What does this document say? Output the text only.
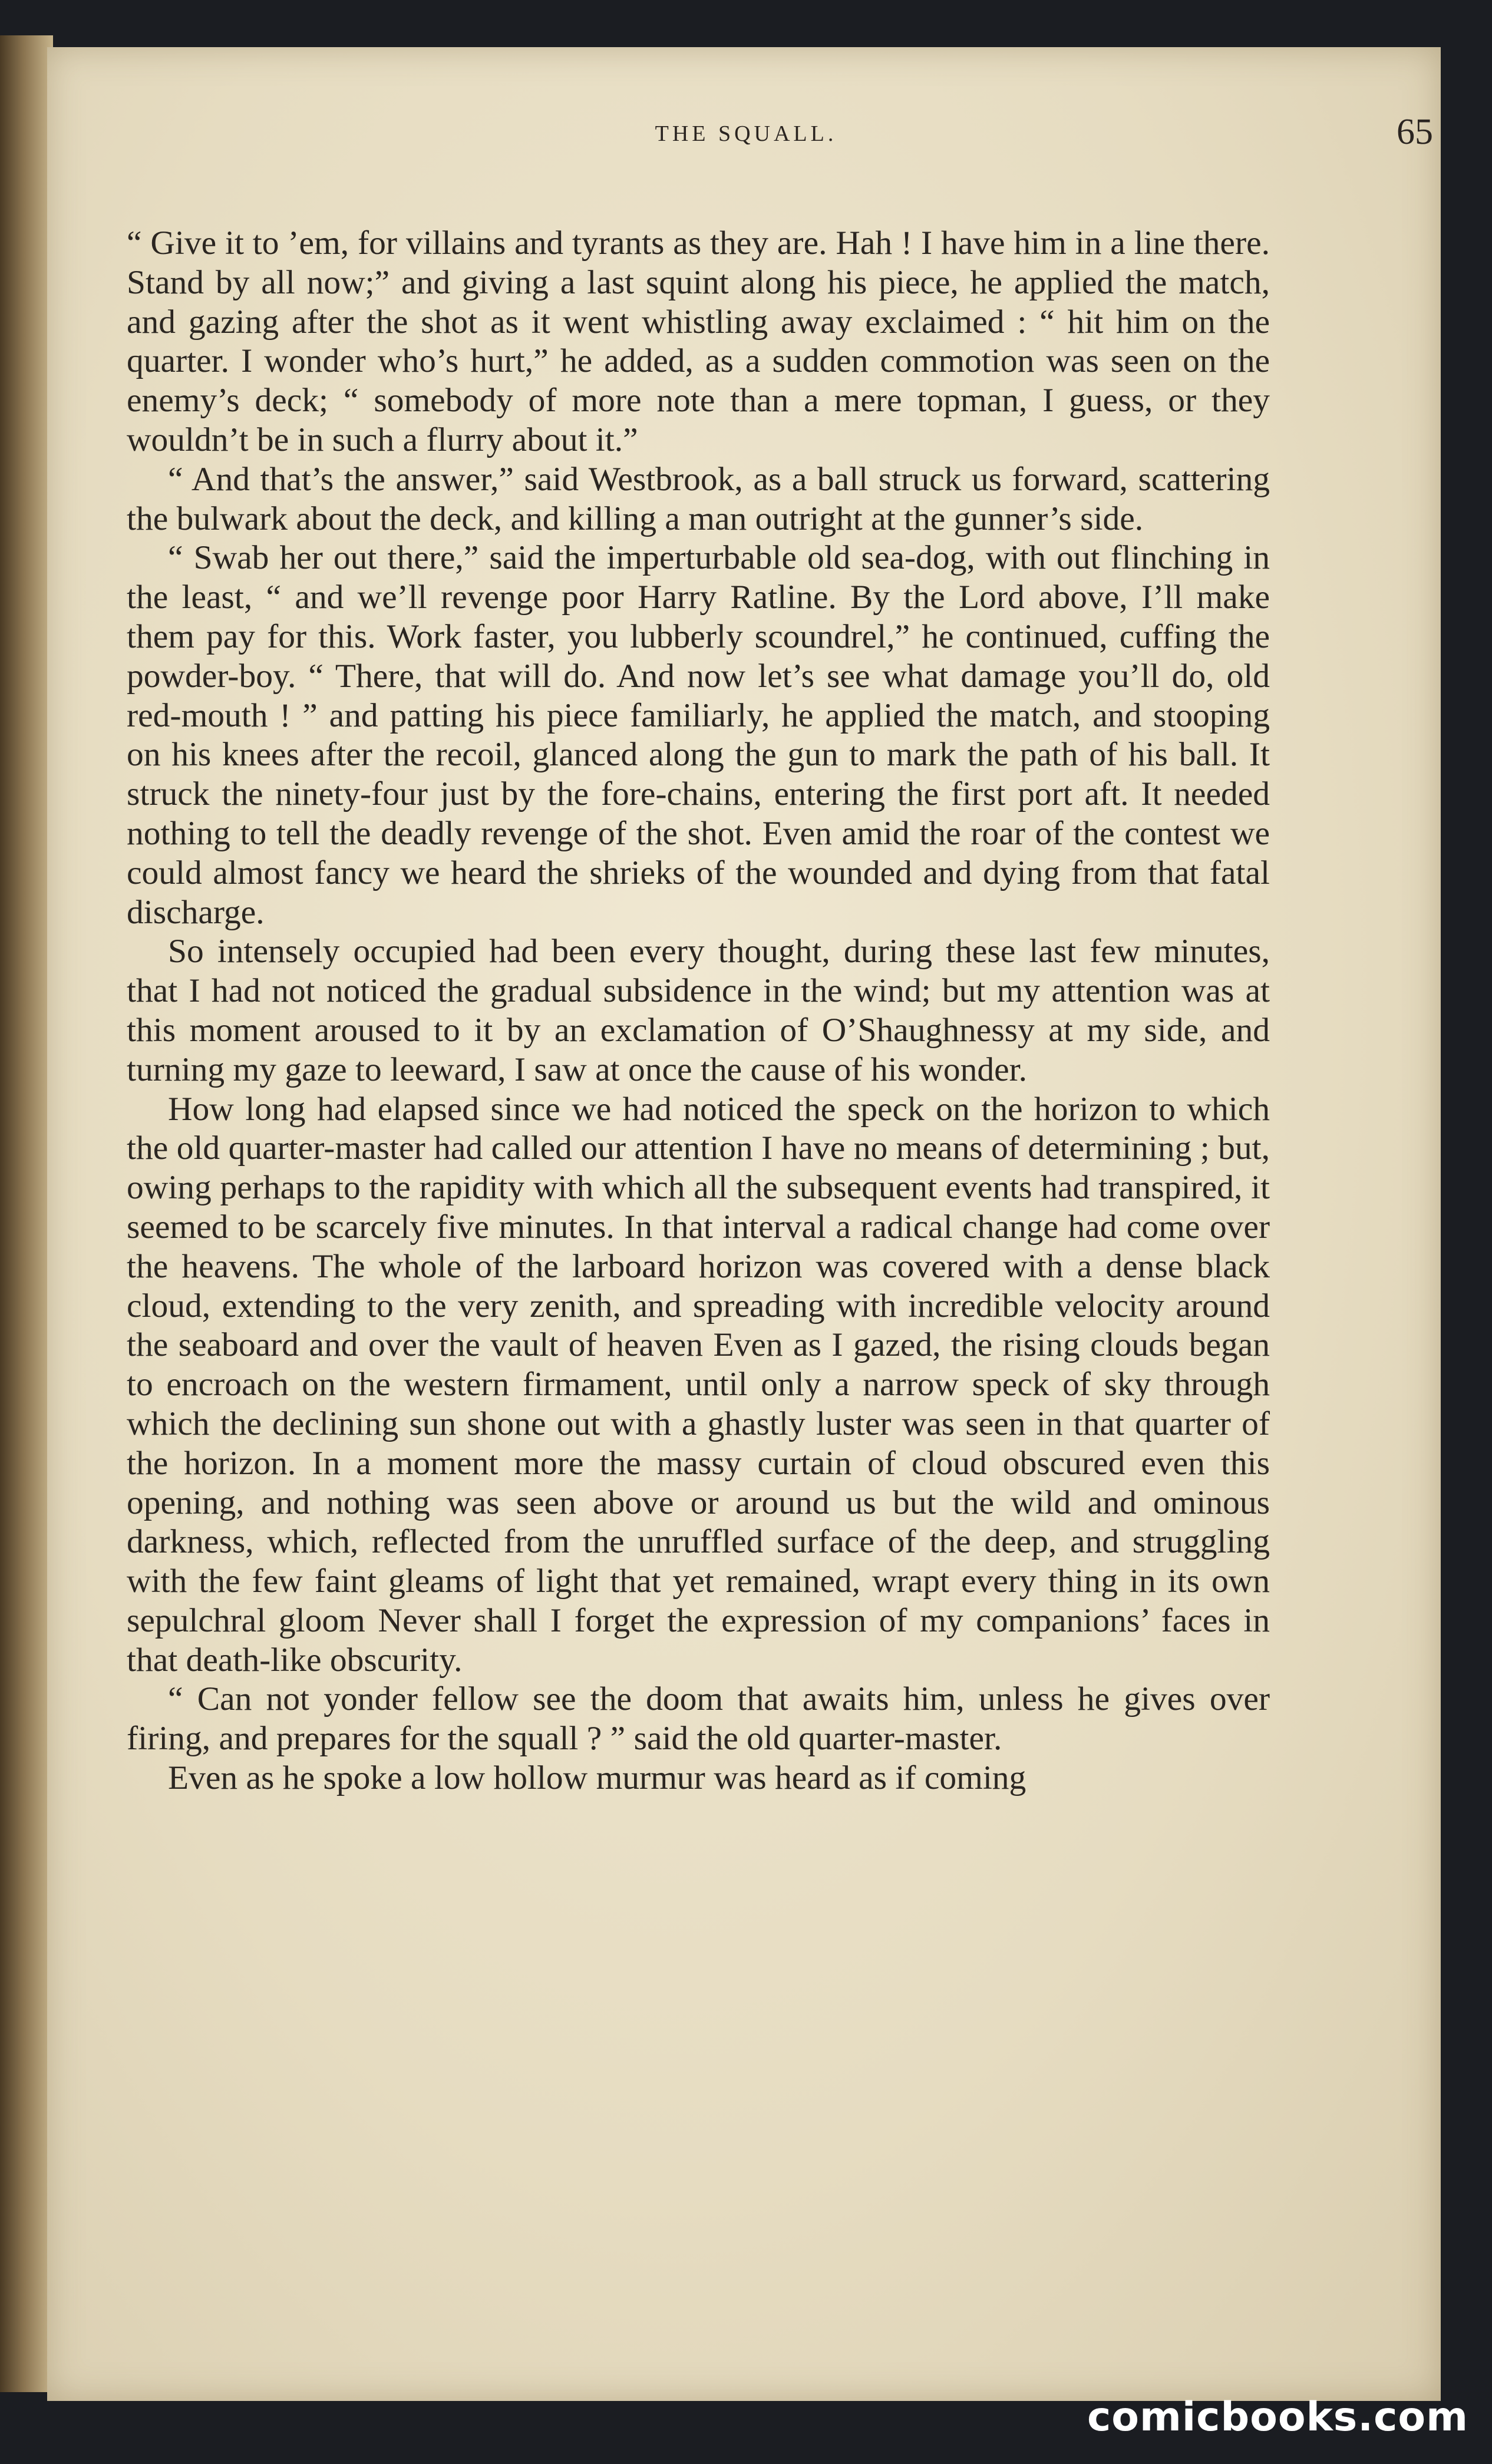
THE SQUALL.	65

“ Give it to ’em, for villains and tyrants as they are. Hah ! I have him in a line there. Stand by all now;” and giving a last squint along his piece, he applied the match, and gazing after the shot as it went whistling away exclaimed : “ hit him on the quarter. I wonder who’s hurt,” he added, as a sudden commotion was seen on the enemy’s deck; “ somebody of more note than a mere topman, I guess, or they wouldn’t be in such a flurry about it.”

“ And that’s the answer,” said Westbrook, as a ball struck us forward, scattering the bulwark about the deck, and killing a man outright at the gunner’s side.

“ Swab her out there,” said the imperturbable old sea-dog, with out flinching in the least, “ and we’ll revenge poor Harry Ratline. By the Lord above, I’ll make them pay for this. Work faster, you lubberly scoundrel,” he continued, cuffing the powder-boy. “ There, that will do. And now let’s see what damage you’ll do, old red-mouth ! ” and patting his piece familiarly, he applied the match, and stooping on his knees after the recoil, glanced along the gun to mark the path of his ball. It struck the ninety-four just by the fore-chains, entering the first port aft. It needed nothing to tell the deadly revenge of the shot. Even amid the roar of the contest we could almost fancy we heard the shrieks of the wounded and dying from that fatal discharge.

So intensely occupied had been every thought, during these last few minutes, that I had not noticed the gradual subsidence in the wind; but my attention was at this moment aroused to it by an exclamation of O’Shaughnessy at my side, and turning my gaze to leeward, I saw at once the cause of his wonder.

How long had elapsed since we had noticed the speck on the horizon to which the old quarter-master had called our attention I have no means of determining ; but, owing perhaps to the rapidity with which all the subsequent events had transpired, it seemed to be scarcely five minutes. In that interval a radical change had come over the heavens. The whole of the larboard horizon was covered with a dense black cloud, extending to the very zenith, and spreading with incredible velocity around the seaboard and over the vault of heaven Even as I gazed, the rising clouds began to encroach on the western firmament, until only a narrow speck of sky through which the declining sun shone out with a ghastly luster was seen in that quarter of the horizon. In a moment more the massy curtain of cloud obscured even this opening, and nothing was seen above or around us but the wild and ominous darkness, which, reflected from the unruffled surface of the deep, and struggling with the few faint gleams of light that yet remained, wrapt every thing in its own sepulchral gloom Never shall I forget the expression of my companions’ faces in that death-like obscurity.

“ Can not yonder fellow see the doom that awaits him, unless he gives over firing, and prepares for the squall ? ” said the old quarter-master.

Even as he spoke a low hollow murmur was heard as if coming

comicbooks.com
